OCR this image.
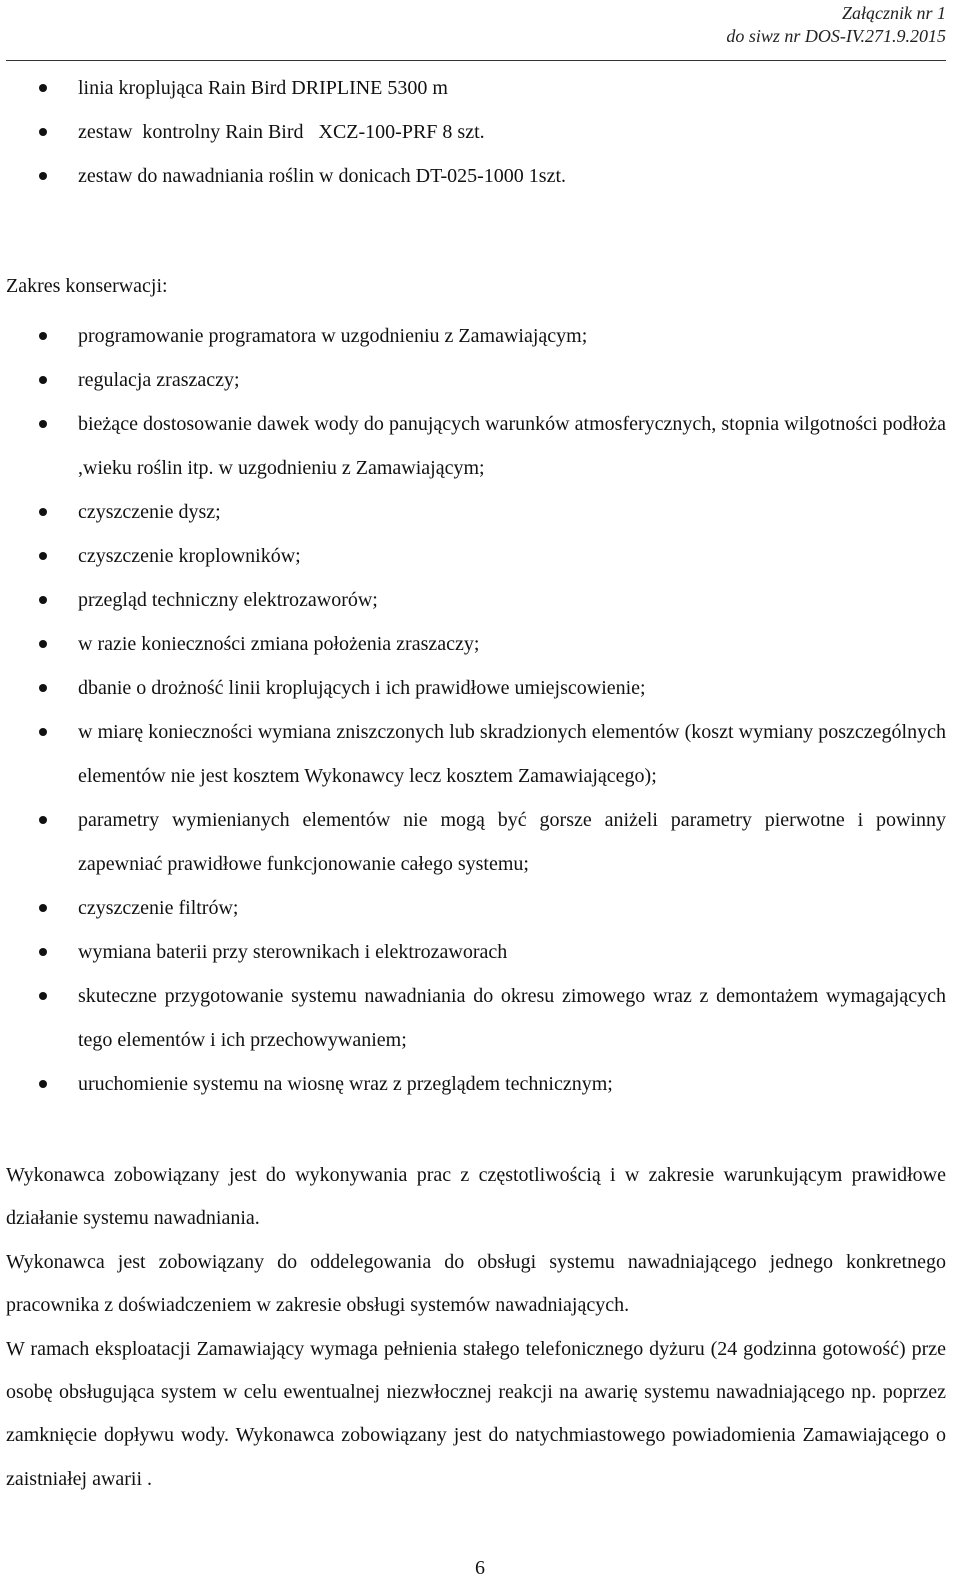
Załącznik nr 1
do siwz nr DOS-IV.271.9.2015
linia kroplująca Rain Bird DRIPLINE 5300 m
zestaw  kontrolny Rain Bird   XCZ-100-PRF 8 szt.
zestaw do nawadniania roślin w donicach DT-025-1000 1szt.
Zakres konserwacji:
programowanie programatora w uzgodnieniu z Zamawiającym;
regulacja zraszaczy;
bieżące dostosowanie dawek wody do panujących warunków atmosferycznych, stopnia wilgotności podłoża ,wieku roślin itp. w uzgodnieniu z Zamawiającym;
czyszczenie dysz;
czyszczenie kroplowników;
przegląd techniczny elektrozaworów;
w razie konieczności zmiana położenia zraszaczy;
dbanie o drożność linii kroplujących i ich prawidłowe umiejscowienie;
w miarę konieczności wymiana zniszczonych lub skradzionych elementów (koszt wymiany poszczególnych elementów nie jest kosztem Wykonawcy lecz kosztem Zamawiającego);
parametry wymienianych elementów nie mogą być gorsze aniżeli parametry pierwotne i powinny zapewniać prawidłowe funkcjonowanie całego systemu;
czyszczenie filtrów;
wymiana baterii przy sterownikach i elektrozaworach
skuteczne przygotowanie systemu nawadniania do okresu zimowego wraz z demontażem wymagających tego elementów i ich przechowywaniem;
uruchomienie systemu na wiosnę wraz z przeglądem technicznym;

Wykonawca zobowiązany jest do wykonywania prac z częstotliwością i w zakresie warunkującym prawidłowe działanie systemu nawadniania.

Wykonawca jest zobowiązany do oddelegowania do obsługi systemu nawadniającego jednego konkretnego pracownika z doświadczeniem w zakresie obsługi systemów nawadniających.

W ramach eksploatacji Zamawiający wymaga pełnienia stałego telefonicznego dyżuru (24 godzinna gotowość) prze osobę obsługująca system w celu ewentualnej niezwłocznej reakcji na awarię systemu nawadniającego np. poprzez zamknięcie dopływu wody. Wykonawca zobowiązany jest do natychmiastowego powiadomienia Zamawiającego o zaistniałej awarii .

6
